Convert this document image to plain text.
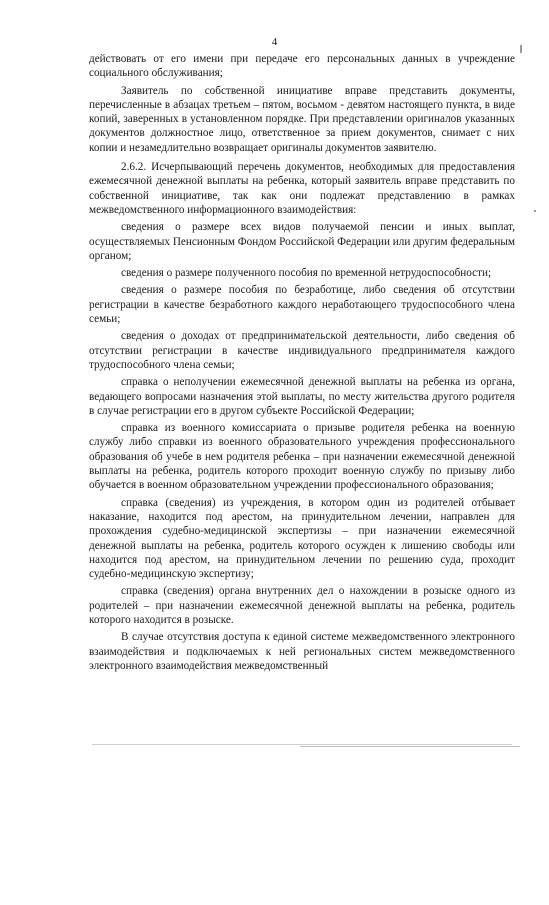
4

действовать от его имени при передаче его персональных данных в учреждение социального обслуживания;

Заявитель по собственной инициативе вправе представить документы, перечисленные в абзацах третьем – пятом, восьмом - девятом настоящего пункта, в виде копий, заверенных в установленном порядке. При представлении оригиналов указанных документов должностное лицо, ответственное за прием документов, снимает с них копии и незамедлительно возвращает оригиналы документов заявителю.

2.6.2. Исчерпывающий перечень документов, необходимых для предоставления ежемесячной денежной выплаты на ребенка, который заявитель вправе представить по собственной инициативе, так как они подлежат представлению в рамках межведомственного информационного взаимодействия:

сведения о размере всех видов получаемой пенсии и иных выплат, осуществляемых Пенсионным Фондом Российской Федерации или другим федеральным органом;

сведения о размере полученного пособия по временной нетрудоспособности;

сведения о размере пособия по безработице, либо сведения об отсутствии регистрации в качестве безработного каждого неработающего трудоспособного члена семьи;

сведения о доходах от предпринимательской деятельности, либо сведения об отсутствии регистрации в качестве индивидуального предпринимателя каждого трудоспособного члена семьи;

справка о неполучении ежемесячной денежной выплаты на ребенка из органа, ведающего вопросами назначения этой выплаты, по месту жительства другого родителя в случае регистрации его в другом субъекте Российской Федерации;

справка из военного комиссариата о призыве родителя ребенка на военную службу либо справки из военного образовательного учреждения профессионального образования об учебе в нем родителя ребенка – при назначении ежемесячной денежной выплаты на ребенка, родитель которого проходит военную службу по призыву либо обучается в военном образовательном учреждении профессионального образования;

справка (сведения) из учреждения, в котором один из родителей отбывает наказание, находится под арестом, на принудительном лечении, направлен для прохождения судебно-медицинской экспертизы – при назначении ежемесячной денежной выплаты на ребенка, родитель которого осужден к лишению свободы или находится под арестом, на принудительном лечении по решению суда, проходит судебно-медицинскую экспертизу;

справка (сведения) органа внутренних дел о нахождении в розыске одного из родителей – при назначении ежемесячной денежной выплаты на ребенка, родитель которого находится в розыске.

В случае отсутствия доступа к единой системе межведомственного электронного взаимодействия и подключаемых к ней региональных систем межведомственного электронного взаимодействия межведомственный
